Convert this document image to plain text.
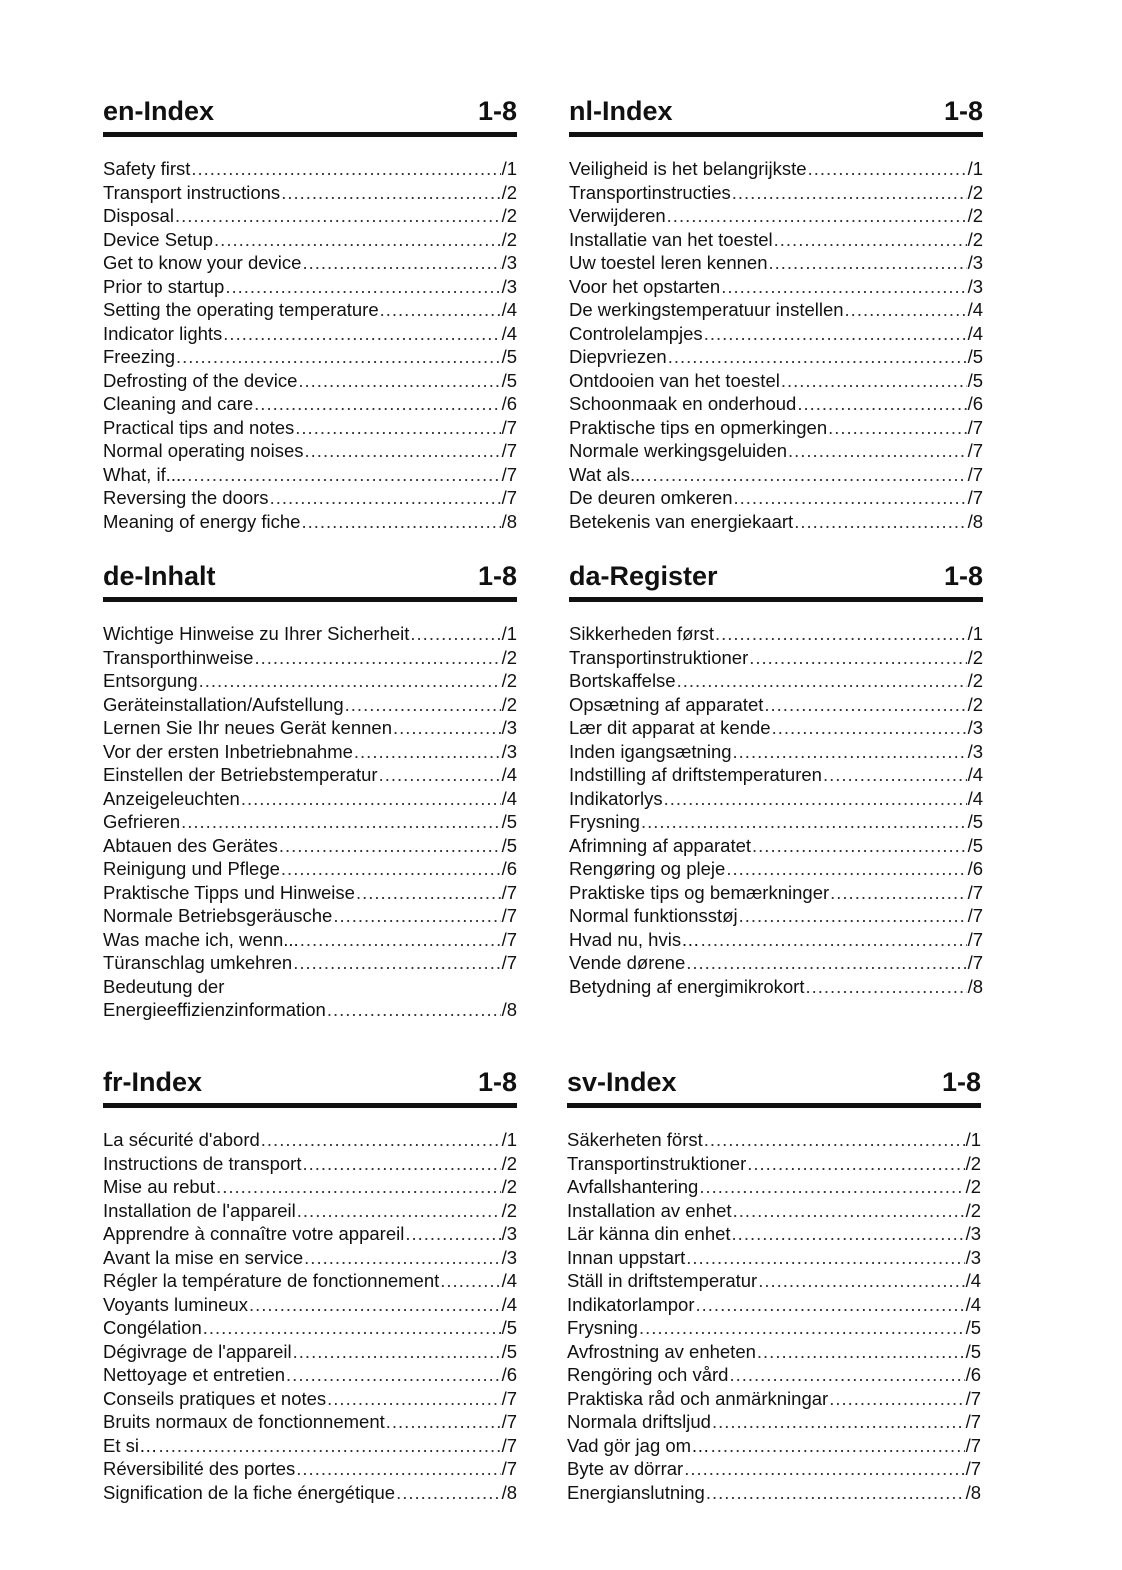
en-Index	1-8
Safety first .....	/1
Transport instructions .....	/2
Disposal .....	/2
Device Setup .....	/2
Get to know your device .....	/3
Prior to startup .....	/3
Setting the operating temperature .....	/4
Indicator lights .....	/4
Freezing .....	/5
Defrosting of the device .....	/5
Cleaning and care .....	/6
Practical tips and notes .....	/7
Normal operating noises .....	/7
What, if.... .....	/7
Reversing the doors .....	/7
Meaning of energy fiche .....	/8
nl-Index	1-8
Veiligheid is het belangrijkste .....	/1
Transportinstructies .....	/2
Verwijderen .....	/2
Installatie van het toestel .....	/2
Uw toestel leren kennen .....	/3
Voor het opstarten .....	/3
De werkingstemperatuur instellen .....	/4
Controlelampjes .....	/4
Diepvriezen .....	/5
Ontdooien van het toestel .....	/5
Schoonmaak en onderhoud .....	/6
Praktische tips en opmerkingen .....	/7
Normale werkingsgeluiden .....	/7
Wat als... .....	/7
De deuren omkeren .....	/7
Betekenis van energiekaart .....	/8
de-Inhalt	1-8
Wichtige Hinweise zu Ihrer Sicherheit .....	/1
Transporthinweise .....	/2
Entsorgung .....	/2
Geräteinstallation/Aufstellung .....	/2
Lernen Sie Ihr neues Gerät kennen .....	/3
Vor der ersten Inbetriebnahme .....	/3
Einstellen der Betriebstemperatur .....	/4
Anzeigeleuchten .....	/4
Gefrieren .....	/5
Abtauen des Gerätes .....	/5
Reinigung und Pflege .....	/6
Praktische Tipps und Hinweise .....	/7
Normale Betriebsgeräusche .....	/7
Was mache ich, wenn... .....	/7
Türanschlag umkehren .....	/7
Bedeutung der
Energieeffizienzinformation .....	/8
da-Register	1-8
Sikkerheden først .....	/1
Transportinstruktioner .....	/2
Bortskaffelse .....	/2
Opsætning af apparatet .....	/2
Lær dit apparat at kende .....	/3
Inden igangsætning .....	/3
Indstilling af driftstemperaturen .....	/4
Indikatorlys .....	/4
Frysning .....	/5
Afrimning af apparatet .....	/5
Rengøring og pleje .....	/6
Praktiske tips og bemærkninger .....	/7
Normal funktionsstøj .....	/7
Hvad nu, hvis… .....	/7
Vende dørene .....	/7
Betydning af energimikrokort .....	/8
fr-Index	1-8
La sécurité d'abord .....	/1
Instructions de transport .....	/2
Mise au rebut .....	/2
Installation de l'appareil .....	/2
Apprendre à connaître votre appareil .....	/3
Avant la mise en service .....	/3
Régler la température de fonctionnement .....	/4
Voyants lumineux .....	/4
Congélation .....	/5
Dégivrage de l'appareil .....	/5
Nettoyage et entretien .....	/6
Conseils pratiques et notes .....	/7
Bruits normaux de fonctionnement .....	/7
Et si… .....	/7
Réversibilité des portes .....	/7
Signification de la fiche énergétique .....	/8
sv-Index	1-8
Säkerheten först .....	/1
Transportinstruktioner .....	/2
Avfallshantering .....	/2
Installation av enhet .....	/2
Lär känna din enhet .....	/3
Innan uppstart .....	/3
Ställ in driftstemperatur .....	/4
Indikatorlampor .....	/4
Frysning .....	/5
Avfrostning av enheten .....	/5
Rengöring och vård .....	/6
Praktiska råd och anmärkningar .....	/7
Normala driftsljud .....	/7
Vad gör jag om… .....	/7
Byte av dörrar .....	/7
Energianslutning .....	/8
